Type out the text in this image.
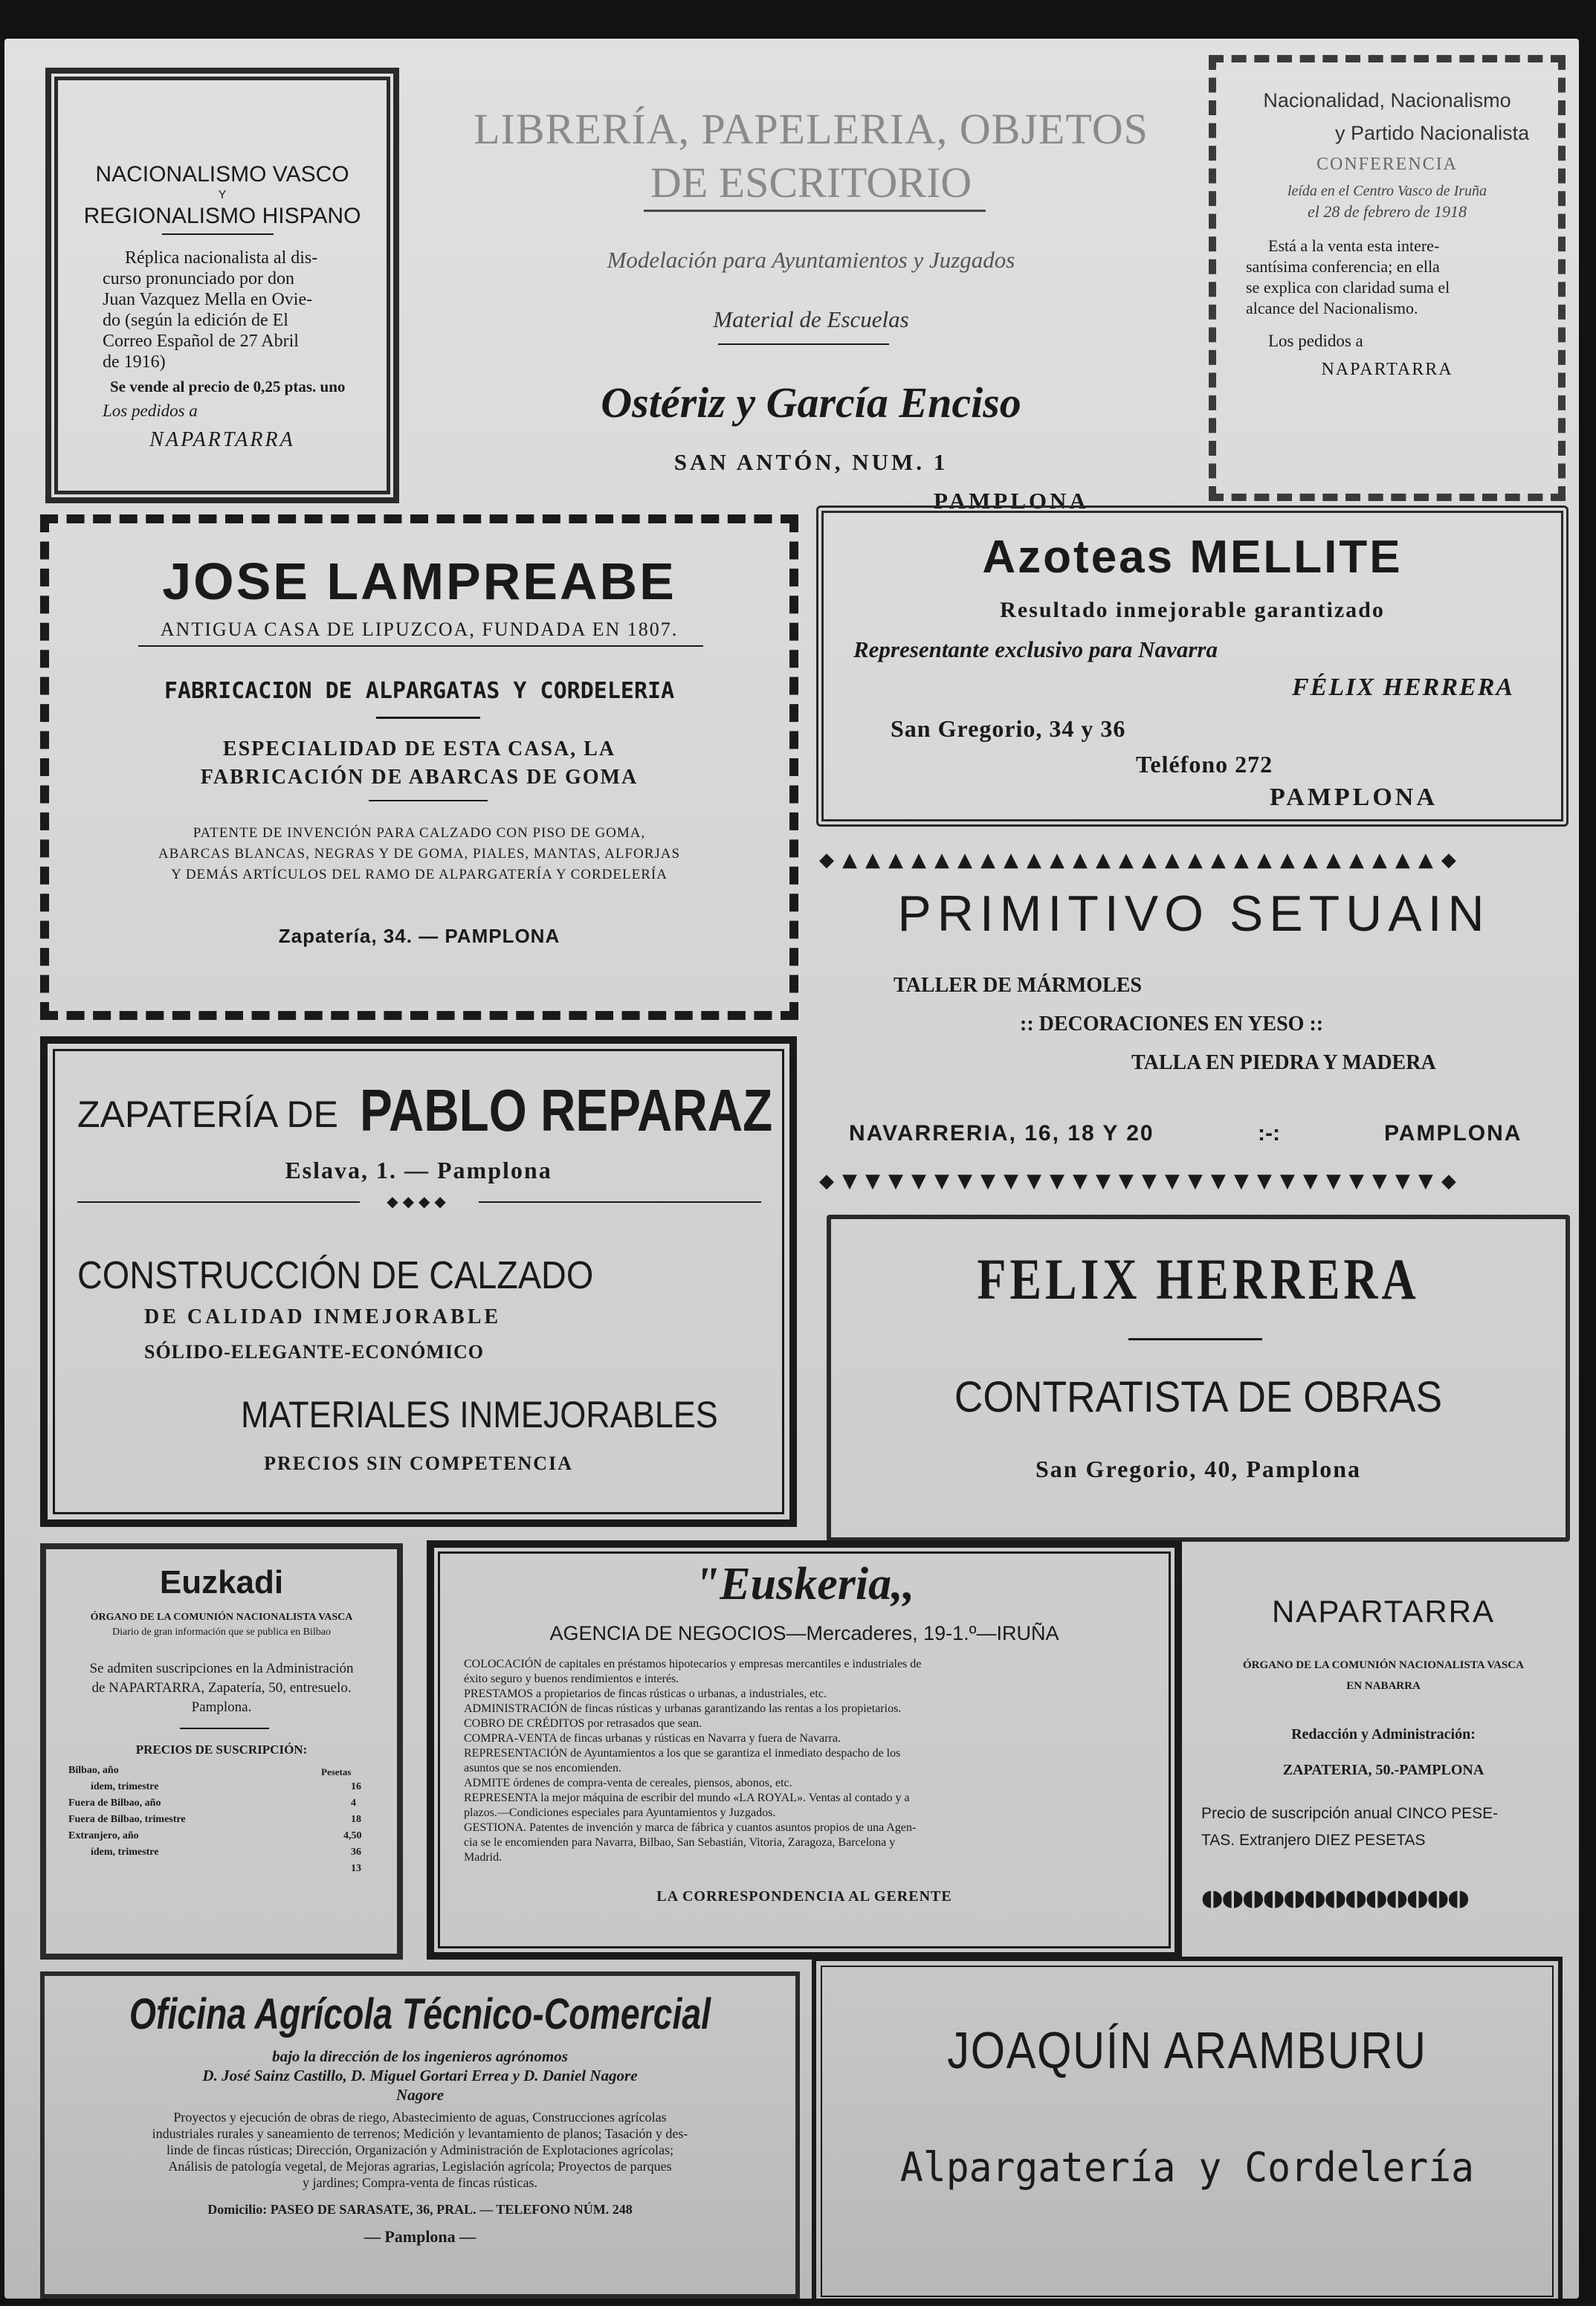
NACIONALISMO VASCO
Y
REGIONALISMO HISPANO
Réplica nacionalista al dis-
curso pronunciado por don
Juan Vazquez Mella en Ovie-
do (según la edición de El
Correo Español de 27 Abril
de 1916)
Se vende al precio de 0,25 ptas. uno
Los pedidos a
NAPARTARRA
LIBRERÍA, PAPELERIA, OBJETOS
DE ESCRITORIO
Modelación para Ayuntamientos y Juzgados
Material de Escuelas
Ostériz y García Enciso
SAN ANTÓN, NUM. 1
PAMPLONA
Nacionalidad, Nacionalismo
y Partido Nacionalista
CONFERENCIA
leída en el Centro Vasco de Iruña
el 28 de febrero de 1918
Está a la venta esta intere-
santísima conferencia; en ella
se explica con claridad suma el
alcance del Nacionalismo.
Los pedidos a
NAPARTARRA
JOSE LAMPREABE
ANTIGUA CASA DE LIPUZCOA, FUNDADA EN 1807.
FABRICACION DE ALPARGATAS Y CORDELERIA
ESPECIALIDAD DE ESTA CASA, LA
FABRICACIÓN DE ABARCAS DE GOMA
PATENTE DE INVENCIÓN PARA CALZADO CON PISO DE GOMA,
ABARCAS BLANCAS, NEGRAS Y DE GOMA, PIALES, MANTAS, ALFORJAS
Y DEMÁS ARTÍCULOS DEL RAMO DE ALPARGATERÍA Y CORDELERÍA
Zapatería, 34. — PAMPLONA
Azoteas MELLITE
Resultado inmejorable garantizado
Representante exclusivo para Navarra
FÉLIX HERRERA
San Gregorio, 34 y 36
Teléfono 272
PAMPLONA
◆▲▲▲▲▲▲▲▲▲▲▲▲▲▲▲▲▲▲▲▲▲▲▲▲▲▲◆
PRIMITIVO SETUAIN
TALLER DE MÁRMOLES
:: DECORACIONES EN YESO ::
TALLA EN PIEDRA Y MADERA
NAVARRERIA, 16, 18 Y 20	:-:	PAMPLONA
◆▼▼▼▼▼▼▼▼▼▼▼▼▼▼▼▼▼▼▼▼▼▼▼▼▼▼◆
ZAPATERÍA DE PABLO REPARAZ
Eslava, 1. — Pamplona
◆◆◆◆
CONSTRUCCIÓN DE CALZADO
DE CALIDAD INMEJORABLE
SÓLIDO-ELEGANTE-ECONÓMICO
MATERIALES INMEJORABLES
PRECIOS SIN COMPETENCIA
FELIX HERRERA
CONTRATISTA DE OBRAS
San Gregorio, 40, Pamplona
Euzkadi
ÓRGANO DE LA COMUNIÓN NACIONALISTA VASCA
Diario de gran información que se publica en Bilbao
Se admiten suscripciones en la Administración
de NAPARTARRA, Zapatería, 50, entresuelo.
Pamplona.
PRECIOS DE SUSCRIPCIÓN:
Pesetas
Bilbao, año
16
ídem, trimestre
4
Fuera de Bilbao, año
18
Fuera de Bilbao, trimestre
4,50
Extranjero, año
36
ídem, trimestre
13
"Euskeria,,
AGENCIA DE NEGOCIOS—Mercaderes, 19-1.º—IRUÑA
COLOCACIÓN de capitales en préstamos hipotecarios y empresas mercantiles e industriales de
éxito seguro y buenos rendimientos e interés.
PRESTAMOS a propietarios de fincas rústicas o urbanas, a industriales, etc.
ADMINISTRACIÓN de fincas rústicas y urbanas garantizando las rentas a los propietarios.
COBRO DE CRÉDITOS por retrasados que sean.
COMPRA-VENTA de fincas urbanas y rústicas en Navarra y fuera de Navarra.
REPRESENTACIÓN de Ayuntamientos a los que se garantiza el inmediato despacho de los
asuntos que se nos encomienden.
ADMITE órdenes de compra-venta de cereales, piensos, abonos, etc.
REPRESENTA la mejor máquina de escribir del mundo «LA ROYAL». Ventas al contado y a
plazos.—Condiciones especiales para Ayuntamientos y Juzgados.
GESTIONA. Patentes de invención y marca de fábrica y cuantos asuntos propios de una Agen-
cia se le encomienden para Navarra, Bilbao, San Sebastián, Vitoria, Zaragoza, Barcelona y
Madrid.
LA CORRESPONDENCIA AL GERENTE
NAPARTARRA
ÓRGANO DE LA COMUNIÓN NACIONALISTA VASCA
EN NABARRA
Redacción y Administración:
ZAPATERIA, 50.-PAMPLONA
Precio de suscripción anual CINCO PESE-
TAS. Extranjero DIEZ PESETAS
◖◗◖◗◖◗◖◗◖◗◖◗◖◗◖◗◖◗◖◗◖◗◖◗◖◗
Oficina Agrícola Técnico-Comercial
bajo la dirección de los ingenieros agrónomos
D. José Sainz Castillo, D. Miguel Gortari Errea y D. Daniel Nagore
Nagore
Proyectos y ejecución de obras de riego, Abastecimiento de aguas, Construcciones agrícolas
industriales rurales y saneamiento de terrenos; Medición y levantamiento de planos; Tasación y des-
linde de fincas rústicas; Dirección, Organización y Administración de Explotaciones agrícolas;
Análisis de patología vegetal, de Mejoras agrarias, Legislación agrícola; Proyectos de parques
y jardines; Compra-venta de fincas rústicas.
Domicilio: PASEO DE SARASATE, 36, PRAL. — TELEFONO NÚM. 248
— Pamplona —
JOAQUÍN ARAMBURU
Alpargatería y Cordelería
